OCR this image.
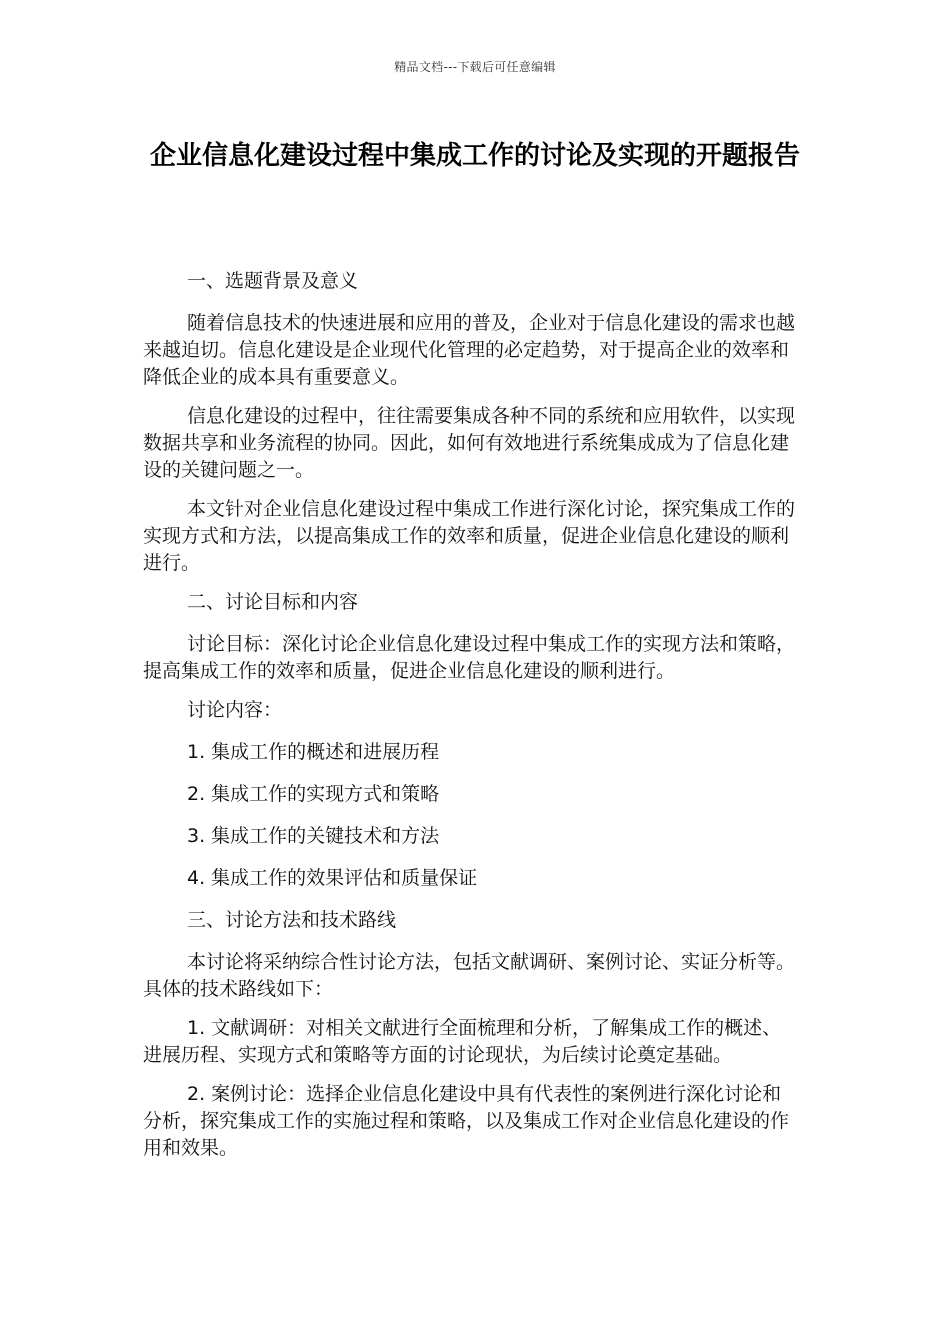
精品文档---下载后可任意编辑
企业信息化建设过程中集成工作的讨论及实现的开题报告

一、选题背景及意义

随着信息技术的快速进展和应用的普及，企业对于信息化建设的需求也越来越迫切。信息化建设是企业现代化管理的必定趋势，对于提高企业的效率和降低企业的成本具有重要意义。

信息化建设的过程中，往往需要集成各种不同的系统和应用软件，以实现数据共享和业务流程的协同。因此，如何有效地进行系统集成成为了信息化建设的关键问题之一。

本文针对企业信息化建设过程中集成工作进行深化讨论，探究集成工作的实现方式和方法，以提高集成工作的效率和质量，促进企业信息化建设的顺利进行。

二、讨论目标和内容

讨论目标：深化讨论企业信息化建设过程中集成工作的实现方法和策略，提高集成工作的效率和质量，促进企业信息化建设的顺利进行。

讨论内容：

1. 集成工作的概述和进展历程

2. 集成工作的实现方式和策略

3. 集成工作的关键技术和方法

4. 集成工作的效果评估和质量保证

三、讨论方法和技术路线

本讨论将采纳综合性讨论方法，包括文献调研、案例讨论、实证分析等。具体的技术路线如下：

1. 文献调研：对相关文献进行全面梳理和分析，了解集成工作的概述、进展历程、实现方式和策略等方面的讨论现状，为后续讨论奠定基础。

2. 案例讨论：选择企业信息化建设中具有代表性的案例进行深化讨论和分析，探究集成工作的实施过程和策略，以及集成工作对企业信息化建设的作用和效果。
